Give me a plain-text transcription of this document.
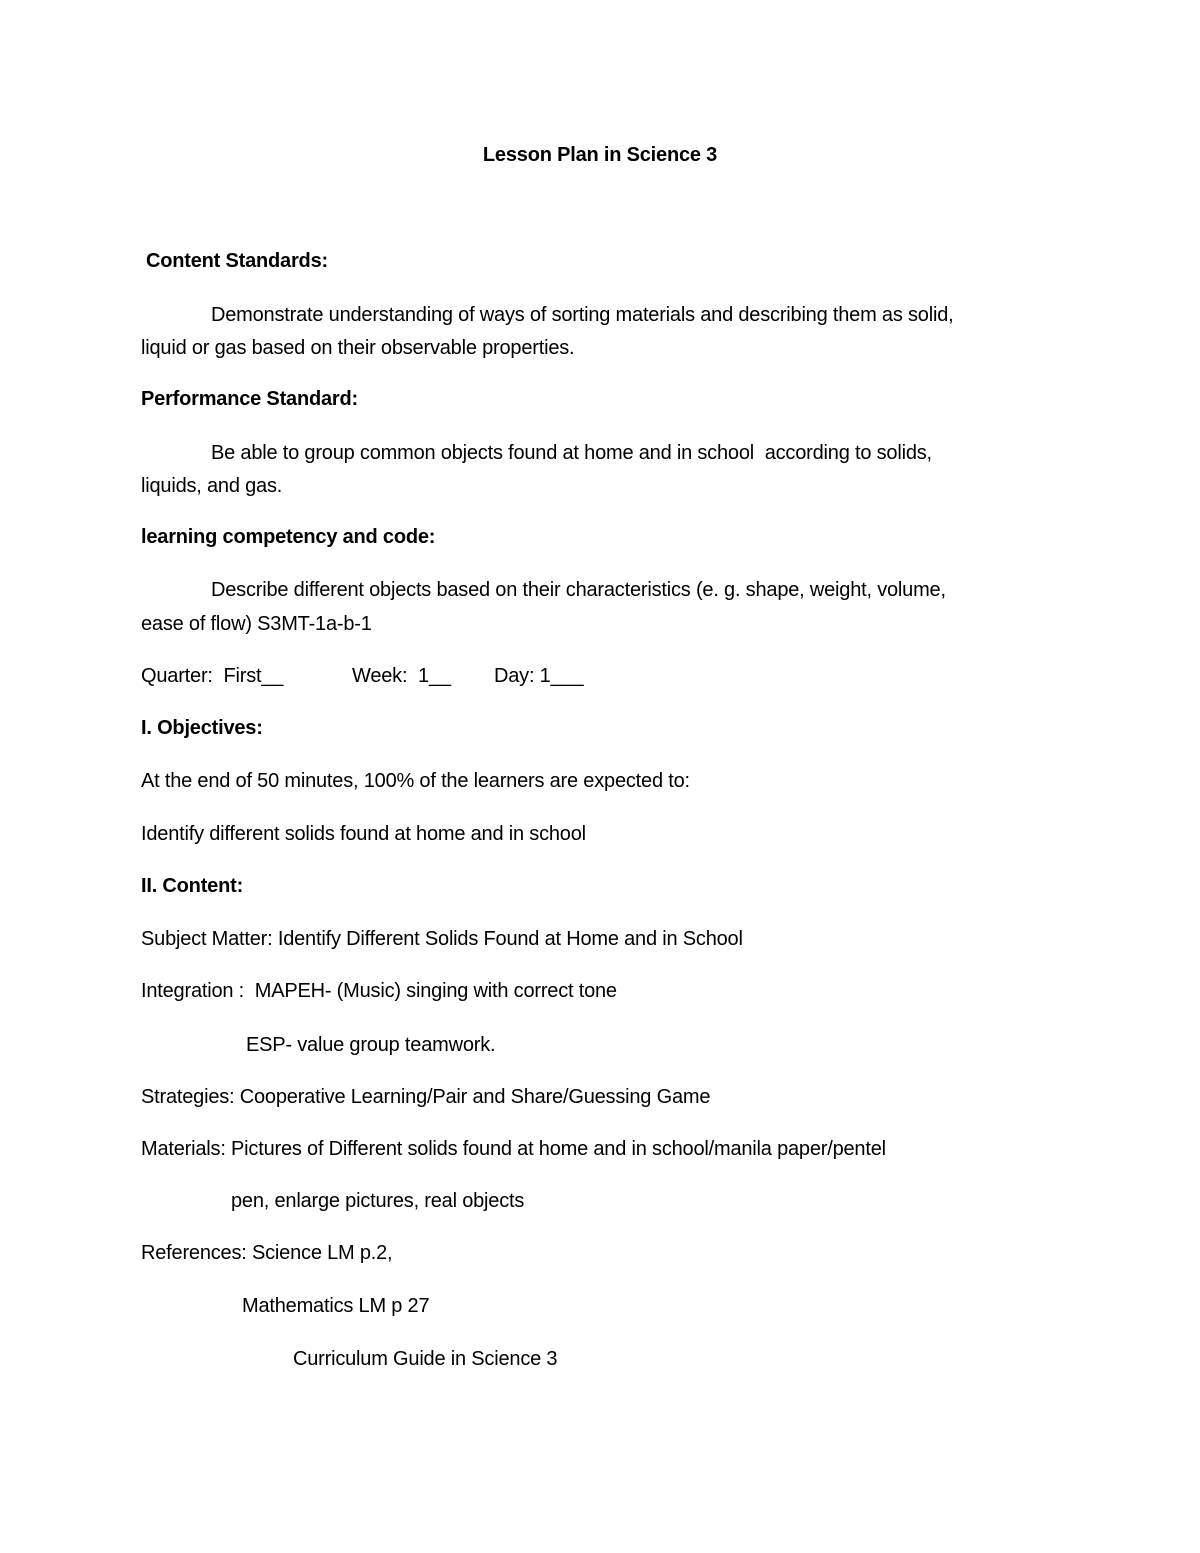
Lesson Plan in Science 3
Content Standards:
Demonstrate understanding of ways of sorting materials and describing them as solid,
liquid or gas based on their observable properties.
Performance Standard:
Be able to group common objects found at home and in school  according to solids,
liquids, and gas.
learning competency and code:
Describe different objects based on their characteristics (e. g. shape, weight, volume,
ease of flow) S3MT-1a-b-1
Quarter:  First__	Week:  1__ Day: 1___
I. Objectives:
At the end of 50 minutes, 100% of the learners are expected to:
Identify different solids found at home and in school
II. Content:
Subject Matter: Identify Different Solids Found at Home and in School
Integration :  MAPEH- (Music) singing with correct tone
ESP- value group teamwork.
Strategies: Cooperative Learning/Pair and Share/Guessing Game
Materials: Pictures of Different solids found at home and in school/manila paper/pentel
pen, enlarge pictures, real objects
References: Science LM p.2,
Mathematics LM p 27
Curriculum Guide in Science 3
